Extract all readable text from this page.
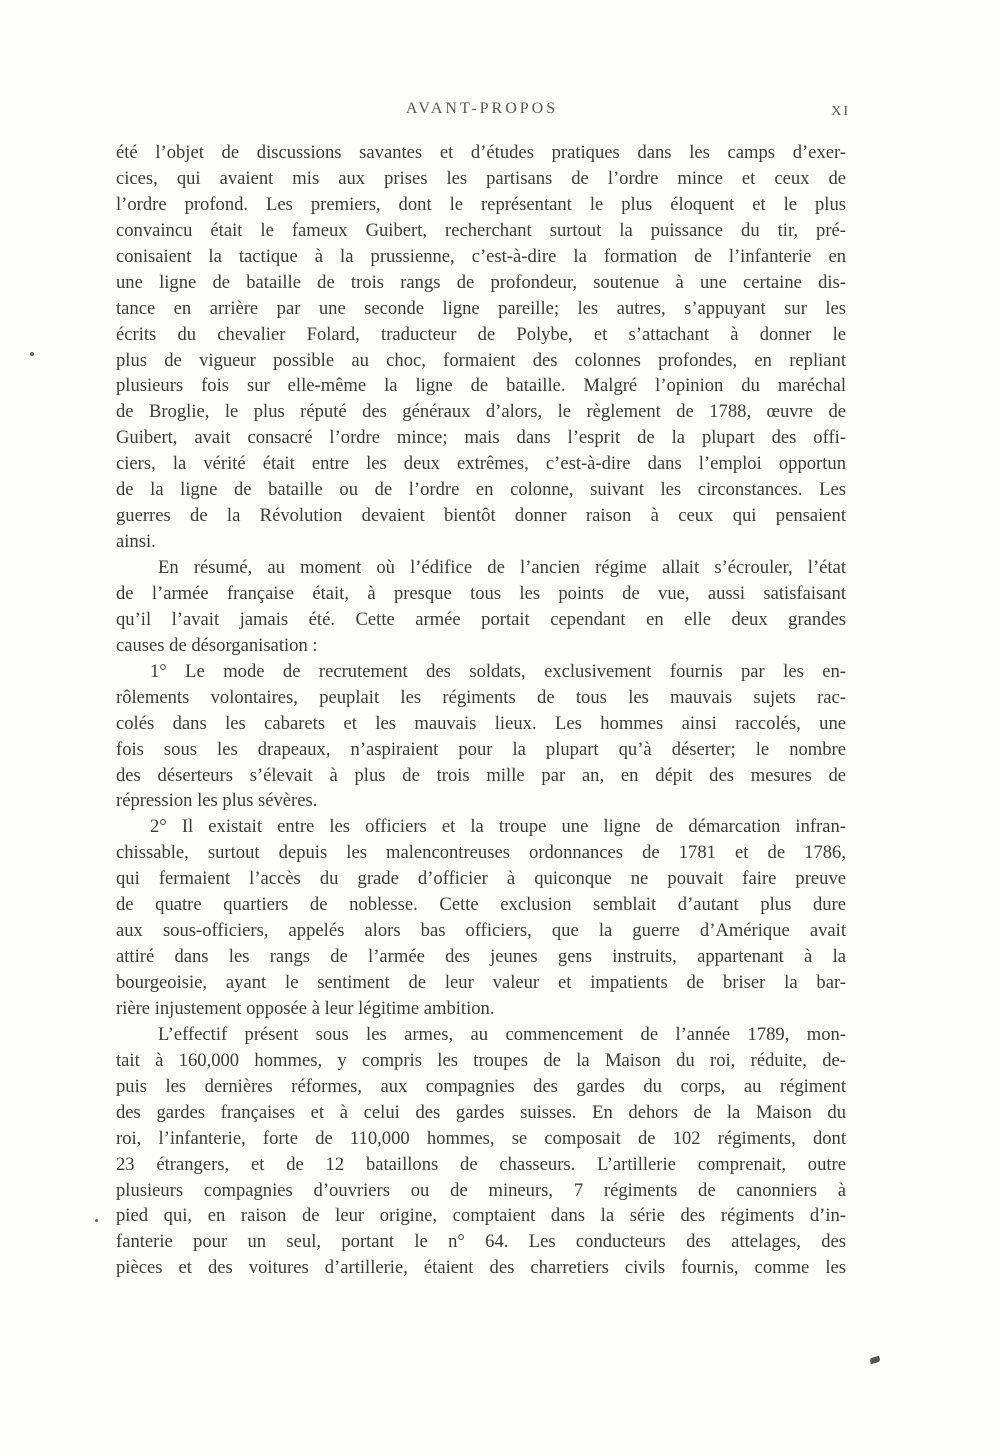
AVANT-PROPOS	XI
été l’objet de discussions savantes et d’études pratiques dans les camps d’exer-
cices, qui avaient mis aux prises les partisans de l’ordre mince et ceux de
l’ordre profond. Les premiers, dont le représentant le plus éloquent et le plus
convaincu était le fameux Guibert, recherchant surtout la puissance du tir, pré-
conisaient la tactique à la prussienne, c’est-à-dire la formation de l’infanterie en
une ligne de bataille de trois rangs de profondeur, soutenue à une certaine dis-
tance en arrière par une seconde ligne pareille; les autres, s’appuyant sur les
écrits du chevalier Folard, traducteur de Polybe, et s’attachant à donner le
plus de vigueur possible au choc, formaient des colonnes profondes, en repliant
plusieurs fois sur elle-même la ligne de bataille. Malgré l’opinion du maréchal
de Broglie, le plus réputé des généraux d’alors, le règlement de 1788, œuvre de
Guibert, avait consacré l’ordre mince; mais dans l’esprit de la plupart des offi-
ciers, la vérité était entre les deux extrêmes, c’est-à-dire dans l’emploi opportun
de la ligne de bataille ou de l’ordre en colonne, suivant les circonstances. Les
guerres de la Révolution devaient bientôt donner raison à ceux qui pensaient
ainsi.
En résumé, au moment où l’édifice de l’ancien régime allait s’écrouler, l’état
de l’armée française était, à presque tous les points de vue, aussi satisfaisant
qu’il l’avait jamais été. Cette armée portait cependant en elle deux grandes
causes de désorganisation :
1° Le mode de recrutement des soldats, exclusivement fournis par les en-
rôlements volontaires, peuplait les régiments de tous les mauvais sujets rac-
colés dans les cabarets et les mauvais lieux. Les hommes ainsi raccolés, une
fois sous les drapeaux, n’aspiraient pour la plupart qu’à déserter; le nombre
des déserteurs s’élevait à plus de trois mille par an, en dépit des mesures de
répression les plus sévères.
2° Il existait entre les officiers et la troupe une ligne de démarcation infran-
chissable, surtout depuis les malencontreuses ordonnances de 1781 et de 1786,
qui fermaient l’accès du grade d’officier à quiconque ne pouvait faire preuve
de quatre quartiers de noblesse. Cette exclusion semblait d’autant plus dure
aux sous-officiers, appelés alors bas officiers, que la guerre d’Amérique avait
attiré dans les rangs de l’armée des jeunes gens instruits, appartenant à la
bourgeoisie, ayant le sentiment de leur valeur et impatients de briser la bar-
rière injustement opposée à leur légitime ambition.
L’effectif présent sous les armes, au commencement de l’année 1789, mon-
tait à 160,000 hommes, y compris les troupes de la Maison du roi, réduite, de-
puis les dernières réformes, aux compagnies des gardes du corps, au régiment
des gardes françaises et à celui des gardes suisses. En dehors de la Maison du
roi, l’infanterie, forte de 110,000 hommes, se composait de 102 régiments, dont
23 étrangers, et de 12 bataillons de chasseurs. L’artillerie comprenait, outre
plusieurs compagnies d’ouvriers ou de mineurs, 7 régiments de canonniers à
pied qui, en raison de leur origine, comptaient dans la série des régiments d’in-
fanterie pour un seul, portant le n° 64. Les conducteurs des attelages, des
pièces et des voitures d’artillerie, étaient des charretiers civils fournis, comme les
